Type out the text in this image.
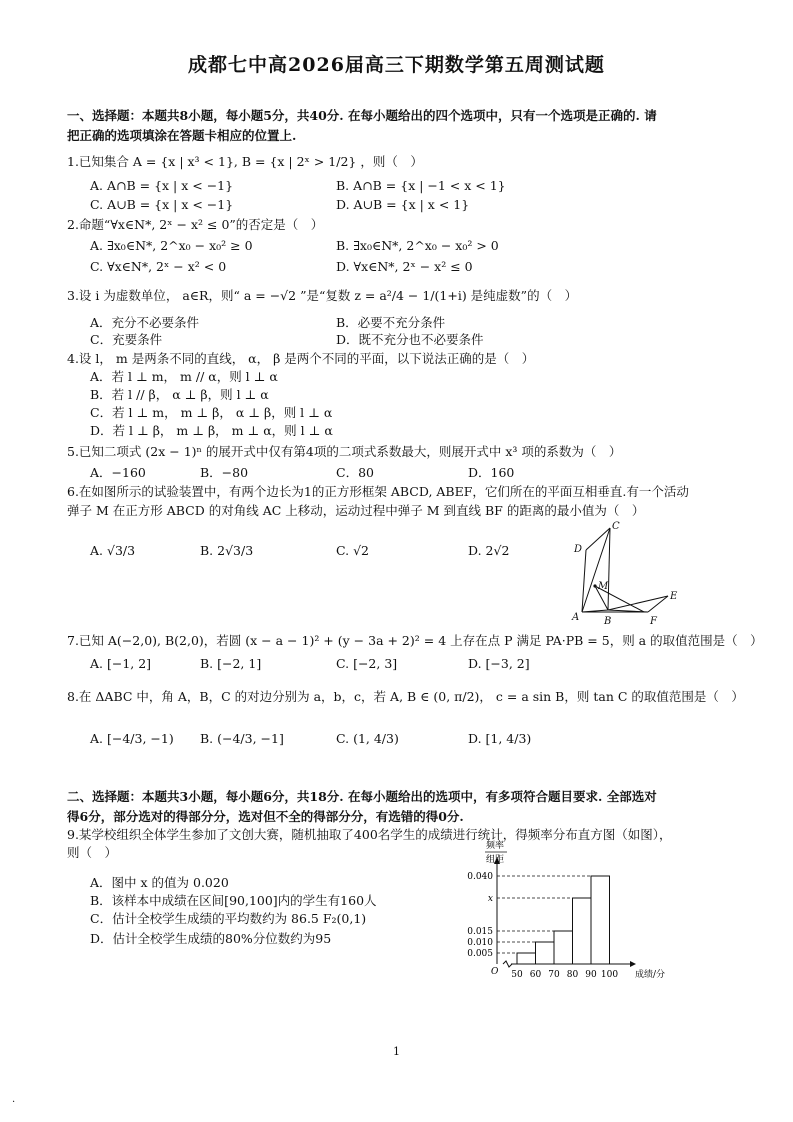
成都七中高2026届高三下期数学第五周测试题
一、选择题：本题共8小题，每小题5分，共40分. 在每小题给出的四个选项中，只有一个选项是正确的. 请
把正确的选项填涂在答题卡相应的位置上.
1.已知集合 A = {x | x³ < 1}, B = {x | 2ˣ > 1/2} ，则（　）
A. A∩B = {x | x < −1}	B. A∩B = {x | −1 < x < 1}
C. A∪B = {x | x < −1}	D. A∪B = {x | x < 1}
2.命题“∀x∈N*, 2ˣ − x² ≤ 0”的否定是（　）
A. ∃x₀∈N*, 2^x₀ − x₀² ≥ 0	B. ∃x₀∈N*, 2^x₀ − x₀² > 0
C. ∀x∈N*, 2ˣ − x² < 0	D. ∀x∈N*, 2ˣ − x² ≤ 0
3.设 i 为虚数单位， a∈R，则“ a = −√2 ”是“复数 z = a²/4 − 1/(1+i) 是纯虚数”的（　）
A．充分不必要条件	B．必要不充分条件
C．充要条件	D．既不充分也不必要条件
4.设 l， m 是两条不同的直线， α， β 是两个不同的平面，以下说法正确的是（　）
A．若 l ⊥ m， m // α，则 l ⊥ α
B．若 l // β， α ⊥ β，则 l ⊥ α
C．若 l ⊥ m， m ⊥ β， α ⊥ β，则 l ⊥ α
D．若 l ⊥ β， m ⊥ β， m ⊥ α，则 l ⊥ α
5.已知二项式 (2x − 1)ⁿ 的展开式中仅有第4项的二项式系数最大，则展开式中 x³ 项的系数为（　）
A．−160	B．−80	C．80	D．160
6.在如图所示的试验装置中，有两个边长为1的正方形框架 ABCD, ABEF，它们所在的平面互相垂直.有一个活动
弹子 M 在正方形 ABCD 的对角线 AC 上移动，运动过程中弹子 M 到直线 BF 的距离的最小值为（　）
A. √3/3	B. 2√3/3	C. √2	D. 2√2
C
D
M
B
E
A	F
7.已知 A(−2,0), B(2,0)，若圆 (x − a − 1)² + (y − 3a + 2)² = 4 上存在点 P 满足 PA·PB = 5，则 a 的取值范围是（　）
A. [−1, 2]	B. [−2, 1]	C. [−2, 3]	D. [−3, 2]
8.在 ΔABC 中，角 A，B，C 的对边分别为 a，b，c，若 A, B ∈ (0, π/2)， c = a sin B，则 tan C 的取值范围是（　）
A. [−4/3, −1) B. (−4/3, −1]	C. (1, 4/3)	D. [1, 4/3)
二、选择题：本题共3小题，每小题6分，共18分. 在每小题给出的选项中，有多项符合题目要求. 全部选对
得6分，部分选对的得部分分，选对但不全的得部分分，有选错的得0分.
9.某学校组织全体学生参加了文创大赛，随机抽取了400名学生的成绩进行统计，得频率分布直方图（如图），
则（　）
A．图中 x 的值为 0.020
B．该样本中成绩在区间[90,100]内的学生有160人
C．估计全校学生成绩的平均数约为 86.5 F₂(0,1)
D．估计全校学生成绩的80%分位数约为95
频率
组距
0.005
0.010
0.015
x
0.040
50 60 70 80 90 100
O	成绩/分
1
.
